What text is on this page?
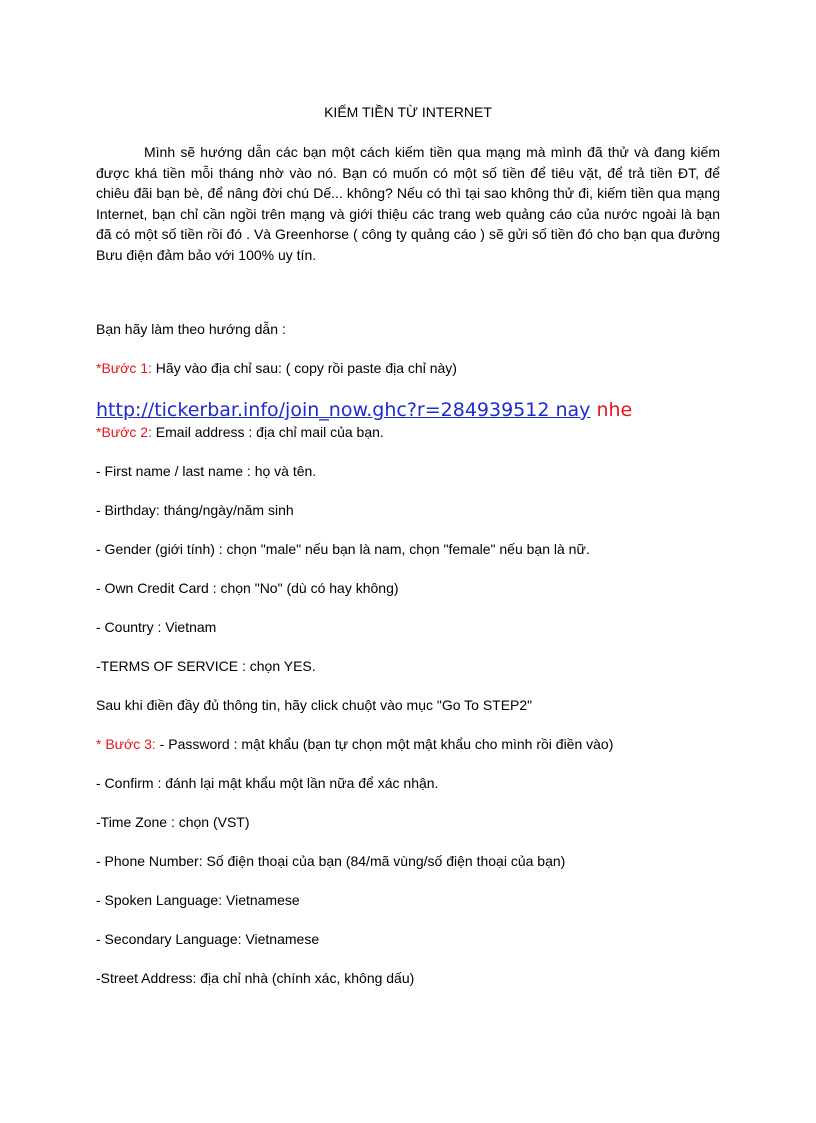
KIẾM TIỀN TỪ INTERNET
Mình sẽ hướng dẫn các bạn một cách kiếm tiền qua mạng mà mình đã thử và đang kiếm được khá tiền mỗi tháng nhờ vào nó. Bạn có muốn có một số tiền để tiêu vặt, để trả tiền ĐT, để chiêu đãi bạn bè, để nâng đời chú Dế... không? Nếu có thì tại sao không thử đi, kiếm tiền qua mạng Internet, bạn chỉ cần ngồi trên mạng và giới thiệu các trang web quảng cáo của nước ngoài là bạn đã có một số tiền rồi đó . Và Greenhorse ( công ty quảng cáo ) sẽ gửi số tiền đó cho bạn qua đường Bưu điện đảm bảo với 100% uy tín.
Bạn hãy làm theo hướng dẫn :
*Bước 1: Hãy vào địa chỉ sau: ( copy rồi paste địa chỉ này)
http://tickerbar.info/join_now.ghc?r=284939512 nay nhe
*Bước 2: Email address : địa chỉ mail của bạn.
- First name / last name : họ và tên.
- Birthday: tháng/ngày/năm sinh
- Gender (giới tính) : chọn "male" nếu bạn là nam, chọn "female" nếu bạn là nữ.
- Own Credit Card : chọn "No" (dù có hay không)
- Country : Vietnam
-TERMS OF SERVICE : chọn YES.
Sau khi điền đầy đủ thông tin, hãy click chuột vào mục "Go To STEP2"
* Bước 3: - Password : mật khẩu (bạn tự chọn một mật khẩu cho mình rồi điền vào)
- Confirm : đánh lại mật khẩu một lần nữa để xác nhận.
-Time Zone : chọn (VST)
- Phone Number: Số điện thoại của bạn (84/mã vùng/số điện thoại của bạn)
- Spoken Language: Vietnamese
- Secondary Language: Vietnamese
-Street Address: địa chỉ nhà (chính xác, không dấu)
